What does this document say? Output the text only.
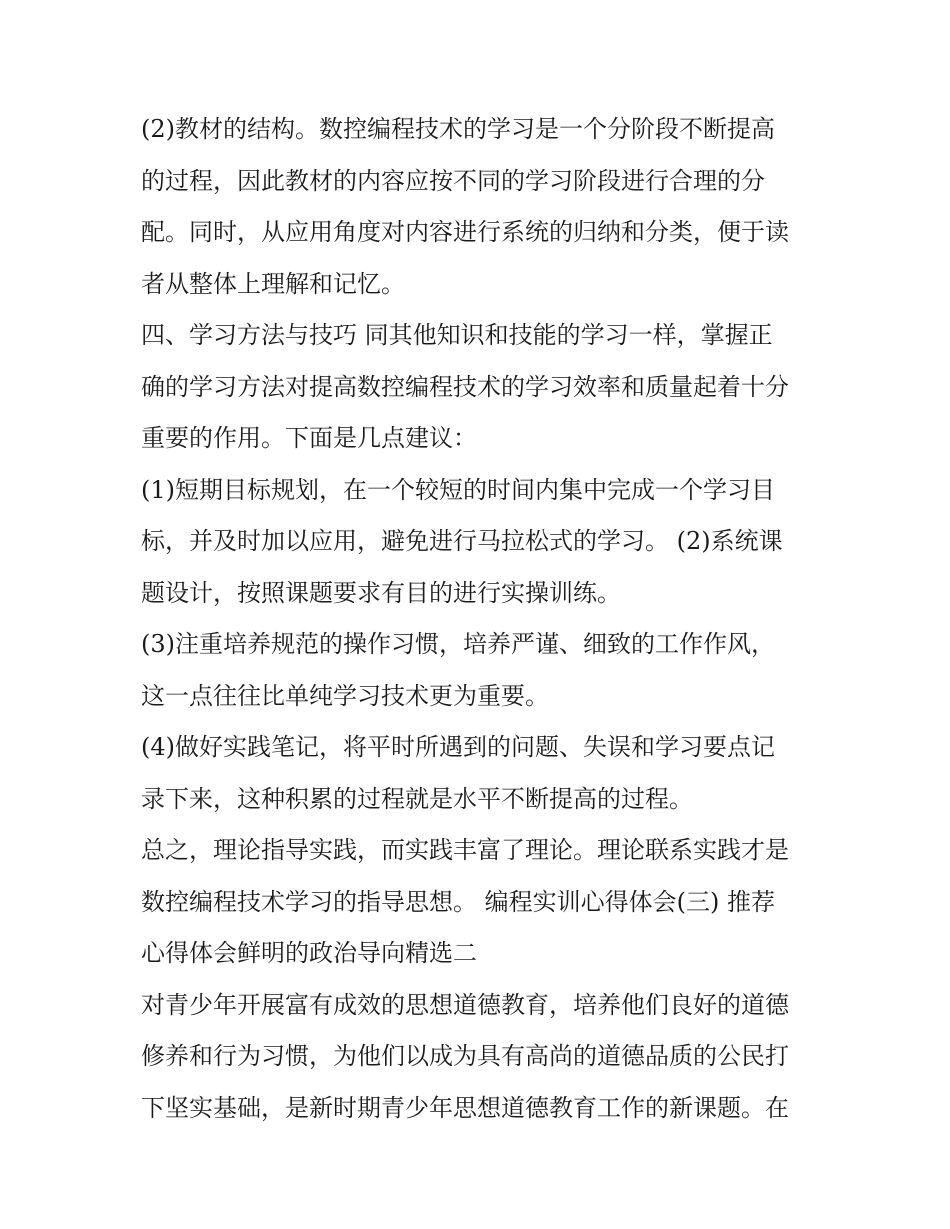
(2)教材的结构。数控编程技术的学习是一个分阶段不断提高
的过程，因此教材的内容应按不同的学习阶段进行合理的分
配。同时，从应用角度对内容进行系统的归纳和分类，便于读
者从整体上理解和记忆。
四、学习方法与技巧 同其他知识和技能的学习一样，掌握正
确的学习方法对提高数控编程技术的学习效率和质量起着十分
重要的作用。下面是几点建议：
(1)短期目标规划，在一个较短的时间内集中完成一个学习目
标，并及时加以应用，避免进行马拉松式的学习。 (2)系统课
题设计，按照课题要求有目的进行实操训练。
(3)注重培养规范的操作习惯，培养严谨、细致的工作作风，
这一点往往比单纯学习技术更为重要。
(4)做好实践笔记，将平时所遇到的问题、失误和学习要点记
录下来，这种积累的过程就是水平不断提高的过程。
总之，理论指导实践，而实践丰富了理论。理论联系实践才是
数控编程技术学习的指导思想。 编程实训心得体会(三) 推荐
心得体会鲜明的政治导向精选二
对青少年开展富有成效的思想道德教育，培养他们良好的道德
修养和行为习惯，为他们以成为具有高尚的道德品质的公民打
下坚实基础，是新时期青少年思想道德教育工作的新课题。在
